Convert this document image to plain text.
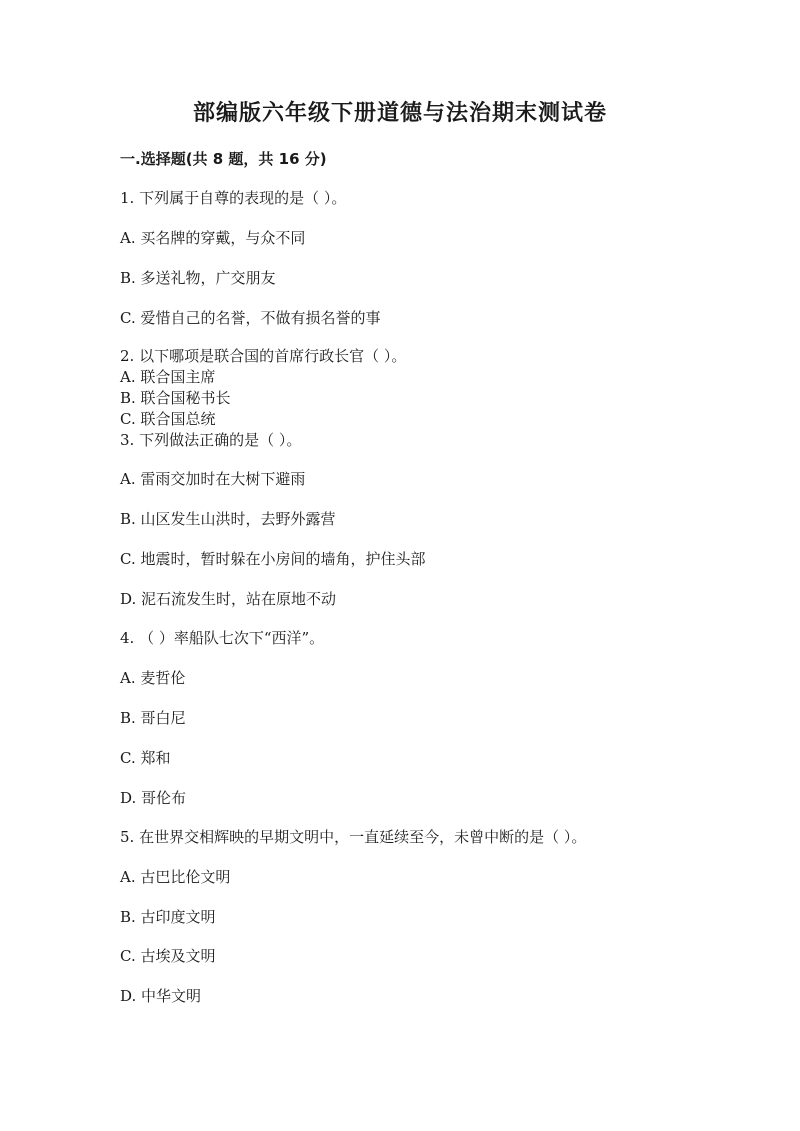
部编版六年级下册道德与法治期末测试卷
一.选择题(共 8 题，共 16 分)
1. 下列属于自尊的表现的是（ ）。
A. 买名牌的穿戴，与众不同
B. 多送礼物，广交朋友
C. 爱惜自己的名誉，不做有损名誉的事
2. 以下哪项是联合国的首席行政长官（ ）。
A. 联合国主席
B. 联合国秘书长
C. 联合国总统
3. 下列做法正确的是（ ）。
A. 雷雨交加时在大树下避雨
B. 山区发生山洪时，去野外露营
C. 地震时，暂时躲在小房间的墙角，护住头部
D. 泥石流发生时，站在原地不动
4. （ ）率船队七次下“西洋”。
A. 麦哲伦
B. 哥白尼
C. 郑和
D. 哥伦布
5. 在世界交相辉映的早期文明中，一直延续至今，未曾中断的是（ ）。
A. 古巴比伦文明
B. 古印度文明
C. 古埃及文明
D. 中华文明
